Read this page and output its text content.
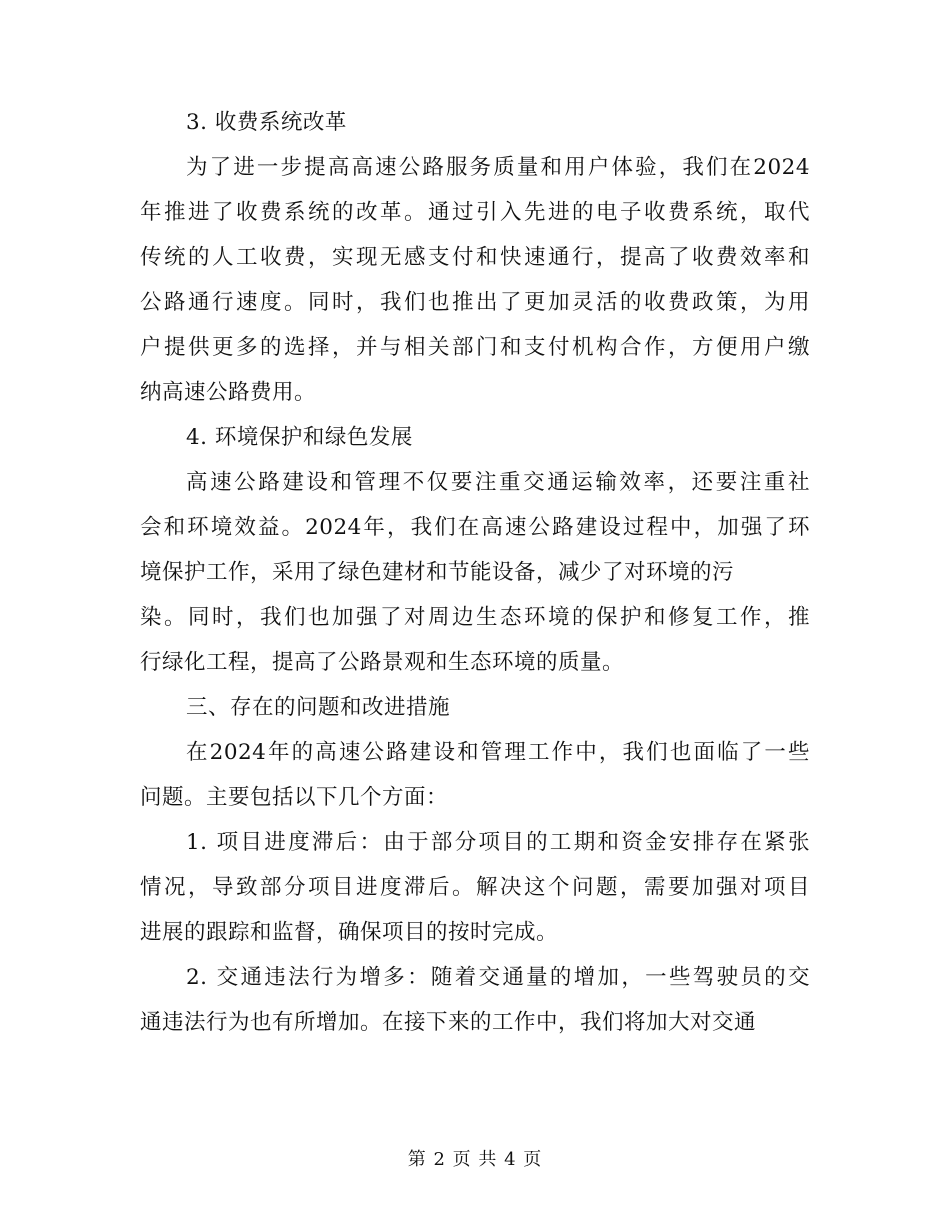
3. 收费系统改革
为了进一步提高高速公路服务质量和用户体验，我们在2024
年推进了收费系统的改革。通过引入先进的电子收费系统，取代
传统的人工收费，实现无感支付和快速通行，提高了收费效率和
公路通行速度。同时，我们也推出了更加灵活的收费政策，为用
户提供更多的选择，并与相关部门和支付机构合作，方便用户缴
纳高速公路费用。
4. 环境保护和绿色发展
高速公路建设和管理不仅要注重交通运输效率，还要注重社
会和环境效益。2024年，我们在高速公路建设过程中，加强了环
境保护工作，采用了绿色建材和节能设备，减少了对环境的污
染。同时，我们也加强了对周边生态环境的保护和修复工作，推
行绿化工程，提高了公路景观和生态环境的质量。
三、存在的问题和改进措施
在2024年的高速公路建设和管理工作中，我们也面临了一些
问题。主要包括以下几个方面：
1. 项目进度滞后：由于部分项目的工期和资金安排存在紧张
情况，导致部分项目进度滞后。解决这个问题，需要加强对项目
进展的跟踪和监督，确保项目的按时完成。
2. 交通违法行为增多：随着交通量的增加，一些驾驶员的交
通违法行为也有所增加。在接下来的工作中，我们将加大对交通
第 2 页 共 4 页
